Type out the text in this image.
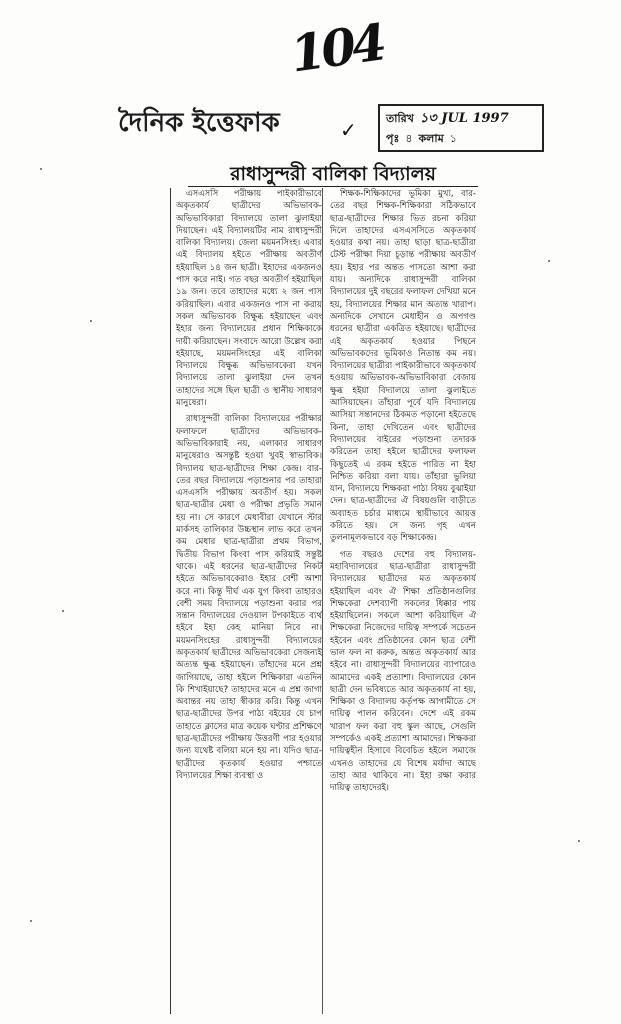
104
দৈনিক ইত্তেফাক	✓	তারিখ ১৩ JUL 1997
পৃঃ ৪ কলাম ১
রাধাসুন্দরী বালিকা বিদ্যালয়

এসএসসি পরীক্ষায় পাইকারীভাবে অকৃতকার্য ছাত্রীদের অভিভাবক-অভিভাবিকারা বিদ্যালয়ে তালা ঝুলাইয়া দিয়াছেন। এই বিদ্যালয়টির নাম রাধাসুন্দরী বালিকা বিদ্যালয়। জেলা ময়মনসিংহ। এবার এই বিদ্যালয় হইতে পরীক্ষায় অবতীর্ণ হইয়াছিল ১৪ জন ছাত্রী। ইহাদের একজনও পাস করে নাই। গত বছর অবতীর্ণ হইয়াছিল ১৯ জন। তবে তাহাদের মধ্যে ২ জন পাস করিয়াছিল। এবার একজনও পাস না করায় সকল অভিভাবক বিক্ষুব্ধ হইয়াছেন এবং ইহার জন্য বিদ্যালয়ের প্রধান শিক্ষিকাকে দায়ী করিয়াছেন। সংবাদে আরো উল্লেখ করা হইয়াছে, ময়মনসিংহের এই বালিকা বিদ্যালয়ে বিক্ষুব্ধ অভিভাবকেরা যখন বিদ্যালয়ে তালা ঝুলাইয়া দেন তখন তাহাদের সঙ্গে ছিল ছাত্রী ও স্থানীয় সাধারণ মানুষেরা।

রাধাসুন্দরী বালিকা বিদ্যালয়ের পরীক্ষার ফলাফলে ছাত্রীদের অভিভাবক-অভিভাবিকারাই নয়, এলাকার সাধারণ মানুষেরাও অসন্তুষ্ট হওয়া খুবই স্বাভাবিক। বিদ্যালয় ছাত্র-ছাত্রীদের শিক্ষা কেন্দ্র। বার-তের বছর বিদ্যালয়ে পড়াশুনার পর তাহারা এসএসসি পরীক্ষায় অবতীর্ণ হয়। সকল ছাত্র-ছাত্রীর মেধা ও পরীক্ষা প্রভৃতি সমান হয় না। সে কারণে মেধাবীরা যেখানে স্টার মার্কসহ তালিকার উচ্চস্থান লাভ করে তখন কম মেধার ছাত্র-ছাত্রীরা প্রথম বিভাগ, দ্বিতীয় বিভাগ কিংবা পাস করিয়াই সন্তুষ্ট থাকে। এই ধরনের ছাত্র-ছাত্রীদের নিকট হইতে অভিভাবকেরাও ইহার বেশী আশা করে না। কিন্তু দীর্ঘ এক যুগ কিংবা তাহারও বেশী সময় বিদ্যালয়ে পড়াশুনা করার পর সন্তান বিদ্যালয়ের দেওয়াল টপকাইতে ব্যর্থ হইবে ইহা কেহ মানিয়া নিবে না। ময়মনসিংহের রাধাসুন্দরী বিদ্যালয়ের অকৃতকার্য ছাত্রীদের অভিভাবকেরা সেজন্যই অত্যন্ত ক্ষুব্ধ হইয়াছেন। তাঁহাদের মনে প্রশ্ন জাগিয়াছে, তাহা হইলে শিক্ষিকারা এতদিন কি শিখাইয়াছে? তাহাদের মনে এ প্রশ্ন জাগা অবান্তর নয় তাহা স্বীকার করি। কিন্তু এখন ছাত্র-ছাত্রীদের উপর পাঠ্য বইয়ের যে চাপ তাহাতে ক্লাসের মাত্র কয়েক ঘণ্টার প্রশিক্ষণে ছাত্র-ছাত্রীদের পরীক্ষায় উত্তরণী পার হওয়ার জন্য যথেষ্ট বলিয়া মনে হয় না। যদিও ছাত্র-ছাত্রীদের কৃতকার্য হওয়ার পশ্চাতে বিদ্যালয়ের শিক্ষা ব্যবস্থা ও

শিক্ষক-শিক্ষিকাদের ভূমিকা মুখ্য, বার-তের বছর শিক্ষক-শিক্ষিকারা সঠিকভাবে ছাত্র-ছাত্রীদের শিক্ষার ভিত রচনা করিয়া দিলে তাহাদের এসএসসিতে অকৃতকার্য হওয়ার কথা নয়। তাহা ছাড়া ছাত্র-ছাত্রীরা টেস্ট পরীক্ষা দিয়া চূড়ান্ত পরীক্ষায় অবতীর্ণ হয়। ইহার পর অন্তত পাসতো আশা করা যায়। অন্যদিকে রাধাসুন্দরী বালিকা বিদ্যালয়ের দুই বছরের ফলাফল দেখিয়া মনে হয়, বিদ্যালয়ের শিক্ষার মান অত্যন্ত খারাপ। অন্যদিকে সেখানে মেধাহীন ও অপগণ্ড ধরনের ছাত্রীরা একত্রিত হইয়াছে। ছাত্রীদের এই অকৃতকার্য হওয়ার পিছনে অভিভাবকদের ভূমিকাও নিতান্ত কম নয়। বিদ্যালয়ের ছাত্রীরা পাইকারীভাবে অকৃতকার্য হওয়ায় অভিভাবক-অভিভাবিকারা বেজায় ক্ষুব্ধ হইয়া বিদ্যালয়ে তালা ঝুলাইতে আসিয়াছেন। তাঁহারা পূর্বে যদি বিদ্যালয়ে আসিয়া সন্তানদের ঠিকমত পড়ানো হইতেছে কিনা, তাহা দেখিতেন এবং ছাত্রীদের বিদ্যালয়ের বাইরের পড়াশুনা তদারক করিতেন তাহা হইলে ছাত্রীদের ফলাফল কিছুতেই এ রকম হইতে পারিত না ইহা নিশ্চিত করিয়া বলা যায়। তাঁহারা ভুলিয়া যান, বিদ্যালয়ে শিক্ষকরা পাঠ্য বিষয় বুঝাইয়া দেন। ছাত্র-ছাত্রীদের ঐ বিষয়গুলি বাড়ীতে অব্যাহত চর্চার মাধ্যমে স্থায়ীভাবে আয়ত্ত করিতে হয়। সে জন্য গৃহ এখন তুলনামূলকভাবে বড় শিক্ষাকেন্দ্র।

গত বছরও দেশের বহু বিদ্যালয়-মহাবিদ্যালয়ের ছাত্র-ছাত্রীরা রাধাসুন্দরী বিদ্যালয়ের ছাত্রীদের মত অকৃতকার্য হইয়াছিল এবং ঐ শিক্ষা প্রতিষ্ঠানগুলির শিক্ষকেরা দেশব্যাপী সকলের ধিক্কার পায় হইয়াছিলেন। সকলে আশা করিয়াছিল ঐ শিক্ষকেরা নিজেদের দায়িত্ব সম্পর্কে সচেতন হইবেন এবং প্রতিষ্ঠানের কোন ছাত্র বেশী ভাল ফল না করুক, অন্তত অকৃতকার্য আর হইবে না। রাধাসুন্দরী বিদ্যালয়ের ব্যাপারেও আমাদের একই প্রত্যাশা। বিদ্যালয়ের কোন ছাত্রী দেন ভবিষ্যতে আর অকৃতকার্য না হয়, শিক্ষিকা ও বিদ্যালয় কর্তৃপক্ষ আগামীতে সে দায়িত্ব পালন করিবেন। দেশে এই রকম খারাপ ফল করা বহু স্কুল আছে, সেগুলি সম্পর্কেও একই প্রত্যাশা আমাদের। শিক্ষকরা দায়িত্বহীন হিসাবে বিবেচিত হইলে সমাজে এখনও তাহাদের যে বিশেষ মর্যাদা আছে তাহা আর থাকিবে না। ইহা রক্ষা করার দায়িত্ব তাহাদেরই।
